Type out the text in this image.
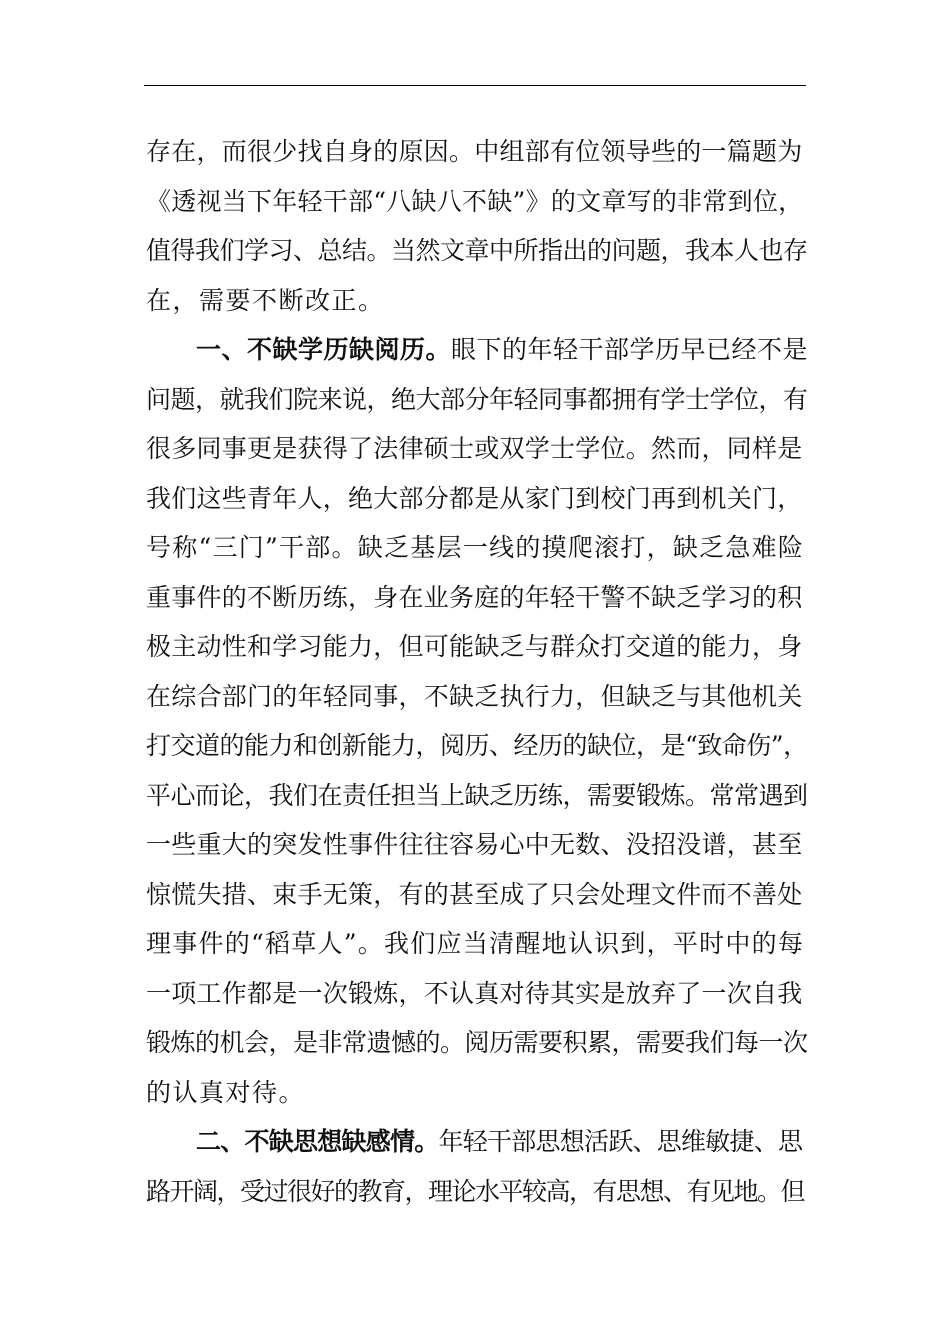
存在，而很少找自身的原因。中组部有位领导些的一篇题为
《透视当下年轻干部“八缺八不缺”》的文章写的非常到位，
值得我们学习、总结。当然文章中所指出的问题，我本人也存
在，需要不断改正。
一、不缺学历缺阅历。眼下的年轻干部学历早已经不是
问题，就我们院来说，绝大部分年轻同事都拥有学士学位，有
很多同事更是获得了法律硕士或双学士学位。然而，同样是
我们这些青年人，绝大部分都是从家门到校门再到机关门，
号称“三门”干部。缺乏基层一线的摸爬滚打，缺乏急难险
重事件的不断历练，身在业务庭的年轻干警不缺乏学习的积
极主动性和学习能力，但可能缺乏与群众打交道的能力，身
在综合部门的年轻同事，不缺乏执行力，但缺乏与其他机关
打交道的能力和创新能力，阅历、经历的缺位，是“致命伤”，
平心而论，我们在责任担当上缺乏历练，需要锻炼。常常遇到
一些重大的突发性事件往往容易心中无数、没招没谱，甚至
惊慌失措、束手无策，有的甚至成了只会处理文件而不善处
理事件的“稻草人”。我们应当清醒地认识到，平时中的每
一项工作都是一次锻炼，不认真对待其实是放弃了一次自我
锻炼的机会，是非常遗憾的。阅历需要积累，需要我们每一次
的认真对待。
二、不缺思想缺感情。年轻干部思想活跃、思维敏捷、思
路开阔，受过很好的教育，理论水平较高，有思想、有见地。但
